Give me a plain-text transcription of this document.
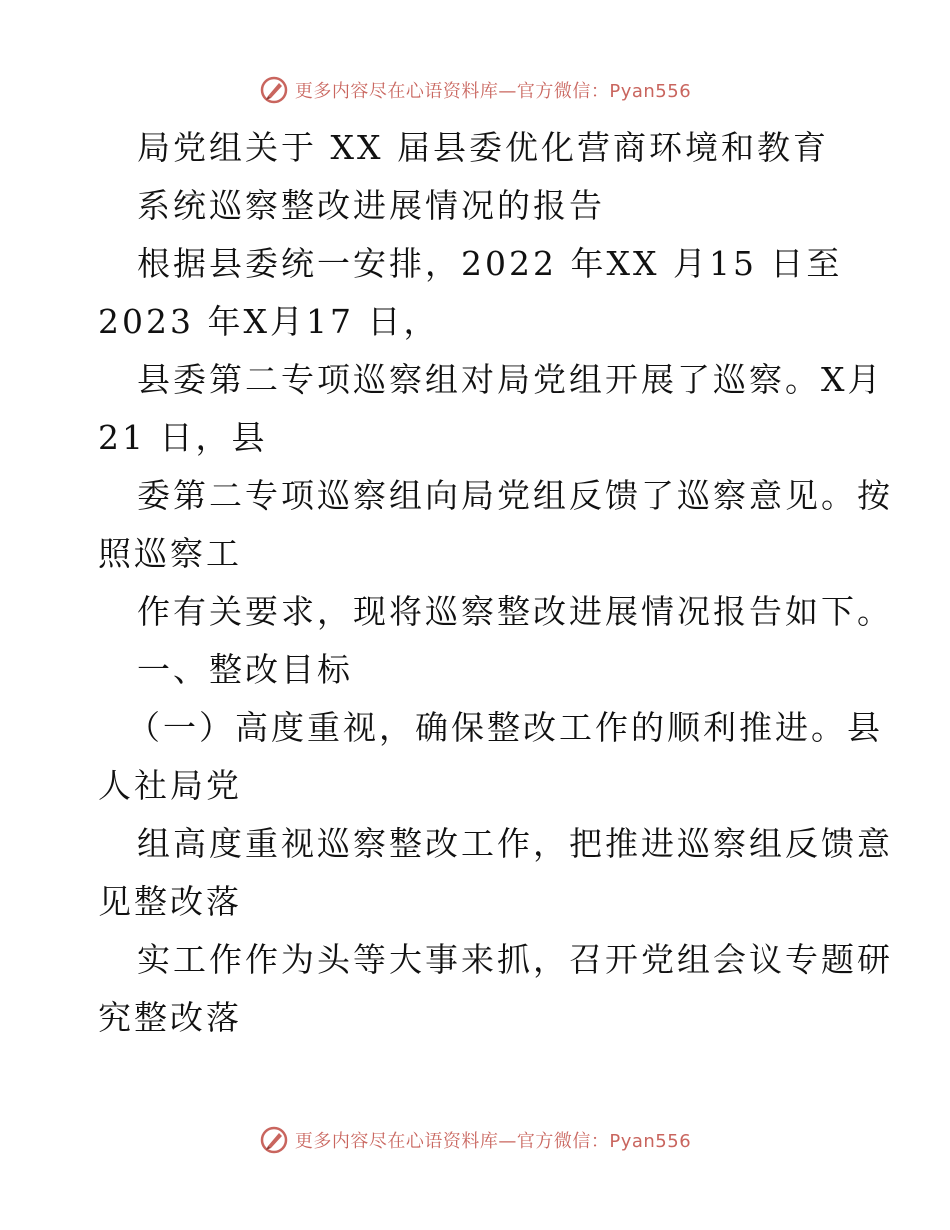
更多内容尽在心语资料库—官方微信：Pyan556
局党组关于 XX 届县委优化营商环境和教育
系统巡察整改进展情况的报告
根据县委统一安排，2022 年XX 月15 日至
2023 年X月17 日，
县委第二专项巡察组对局党组开展了巡察。X月
21 日，县
委第二专项巡察组向局党组反馈了巡察意见。按
照巡察工
作有关要求，现将巡察整改进展情况报告如下。
一、整改目标
（一）高度重视，确保整改工作的顺利推进。县
人社局党
组高度重视巡察整改工作，把推进巡察组反馈意
见整改落
实工作作为头等大事来抓，召开党组会议专题研
究整改落
更多内容尽在心语资料库—官方微信：Pyan556
